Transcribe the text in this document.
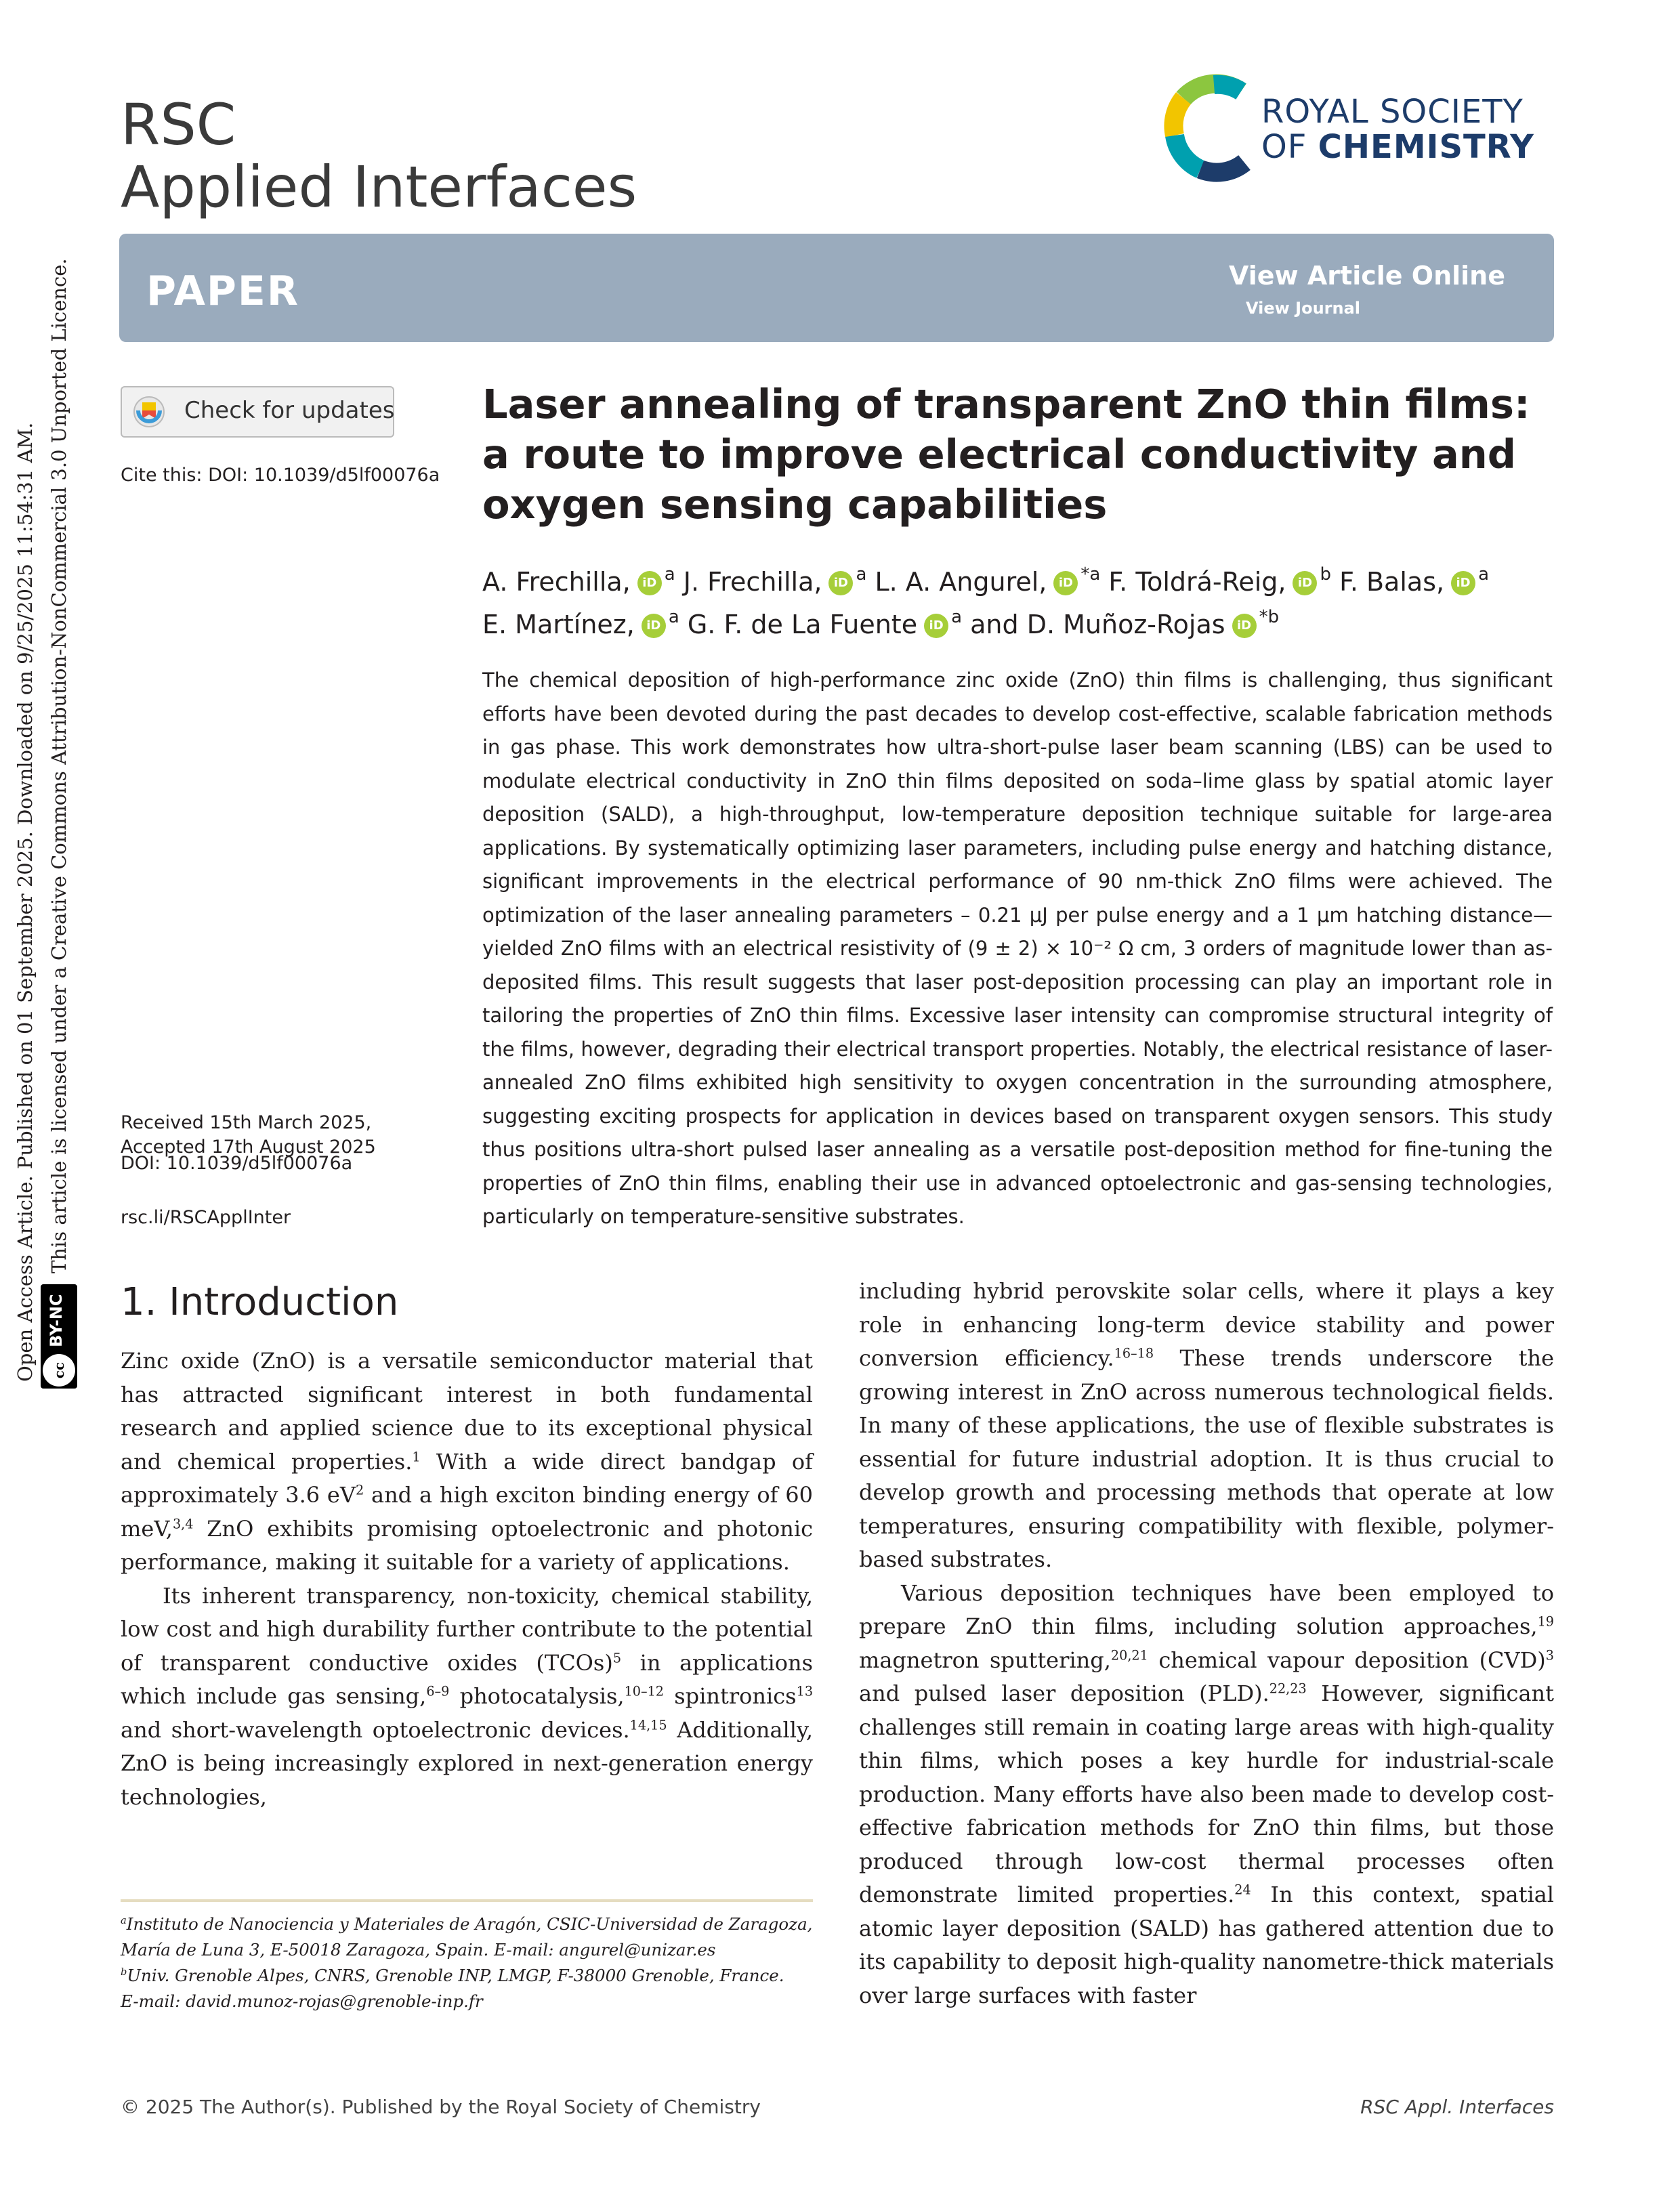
RSC
Applied Interfaces
ROYAL SOCIETY
OF CHEMISTRY
PAPER	View Article Online
View Journal
Open Access Article. Published on 01 September 2025. Downloaded on 9/25/2025 11:54:31 AM. This article is licensed under a Creative Commons Attribution-NonCommercial 3.0 Unported Licence.
cc
BY-NC
Check for updates
Cite this: DOI: 10.1039/d5lf00076a
Received 15th March 2025,
Accepted 17th August 2025
DOI: 10.1039/d5lf00076a
rsc.li/RSCApplInter
Laser annealing of transparent ZnO thin films: a route to improve electrical conductivity and oxygen sensing capabilities
A. Frechilla, iD $^a$ J. Frechilla, iD $^a$ L. A. Angurel, iD $^{*a}$ F. Toldrá-Reig, iD $^b$ F. Balas, iD $^a$
E. Martínez, iD $^a$ G. F. de La Fuente iD $^a$ and D. Muñoz-Rojas iD $^{*b}$
The chemical deposition of high-performance zinc oxide (ZnO) thin films is challenging, thus significant efforts have been devoted during the past decades to develop cost-effective, scalable fabrication methods in gas phase. This work demonstrates how ultra-short-pulse laser beam scanning (LBS) can be used to modulate electrical conductivity in ZnO thin films deposited on soda–lime glass by spatial atomic layer deposition (SALD), a high-throughput, low-temperature deposition technique suitable for large-area applications. By systematically optimizing laser parameters, including pulse energy and hatching distance, significant improvements in the electrical performance of 90 nm-thick ZnO films were achieved. The optimization of the laser annealing parameters – 0.21 μJ per pulse energy and a 1 μm hatching distance—yielded ZnO films with an electrical resistivity of (9 ± 2) × 10⁻² Ω cm, 3 orders of magnitude lower than as-deposited films. This result suggests that laser post-deposition processing can play an important role in tailoring the properties of ZnO thin films. Excessive laser intensity can compromise structural integrity of the films, however, degrading their electrical transport properties. Notably, the electrical resistance of laser-annealed ZnO films exhibited high sensitivity to oxygen concentration in the surrounding atmosphere, suggesting exciting prospects for application in devices based on transparent oxygen sensors. This study thus positions ultra-short pulsed laser annealing as a versatile post-deposition method for fine-tuning the properties of ZnO thin films, enabling their use in advanced optoelectronic and gas-sensing technologies, particularly on temperature-sensitive substrates.
1. Introduction

Zinc oxide (ZnO) is a versatile semiconductor material that has attracted significant interest in both fundamental research and applied science due to its exceptional physical and chemical properties.$^1$ With a wide direct bandgap of approximately 3.6 $eV^2$ and a high exciton binding energy of 60 meV,$^{3,4}$ ZnO exhibits promising optoelectronic and photonic performance, making it suitable for a variety of applications.

Its inherent transparency, non-toxicity, chemical stability, low cost and high durability further contribute to the potential of transparent conductive oxides (TCOs)$^5$ in applications which include gas sensing,$^{6-9}$ photocatalysis,$^{10-12}$ spintronics$^{13}$ and short-wavelength optoelectronic devices.$^{14,15}$ Additionally, ZnO is being increasingly explored in next-generation energy technologies,

including hybrid perovskite solar cells, where it plays a key role in enhancing long-term device stability and power conversion efficiency.$^{16-18}$ These trends underscore the growing interest in ZnO across numerous technological fields. In many of these applications, the use of flexible substrates is essential for future industrial adoption. It is thus crucial to develop growth and processing methods that operate at low temperatures, ensuring compatibility with flexible, polymer-based substrates.

Various deposition techniques have been employed to prepare ZnO thin films, including solution approaches,$^{19}$ magnetron sputtering,$^{20,21}$ chemical vapour deposition (CVD)$^3$ and pulsed laser deposition (PLD).$^{22,23}$ However, significant challenges still remain in coating large areas with high-quality thin films, which poses a key hurdle for industrial-scale production. Many efforts have also been made to develop cost-effective fabrication methods for ZnO thin films, but those produced through low-cost thermal processes often demonstrate limited properties.$^{24}$ In this context, spatial atomic layer deposition (SALD) has gathered attention due to its capability to deposit high-quality nanometre-thick materials over large surfaces with faster

$^a$Instituto de Nanociencia y Materiales de Aragón, CSIC-Universidad de Zaragoza,
María de Luna 3, E-50018 Zaragoza, Spain. E-mail: angurel@unizar.es
$^b$Univ. Grenoble Alpes, CNRS, Grenoble INP, LMGP, F-38000 Grenoble, France.
E-mail: david.munoz-rojas@grenoble-inp.fr
© 2025 The Author(s). Published by the Royal Society of Chemistry	RSC Appl. Interfaces
